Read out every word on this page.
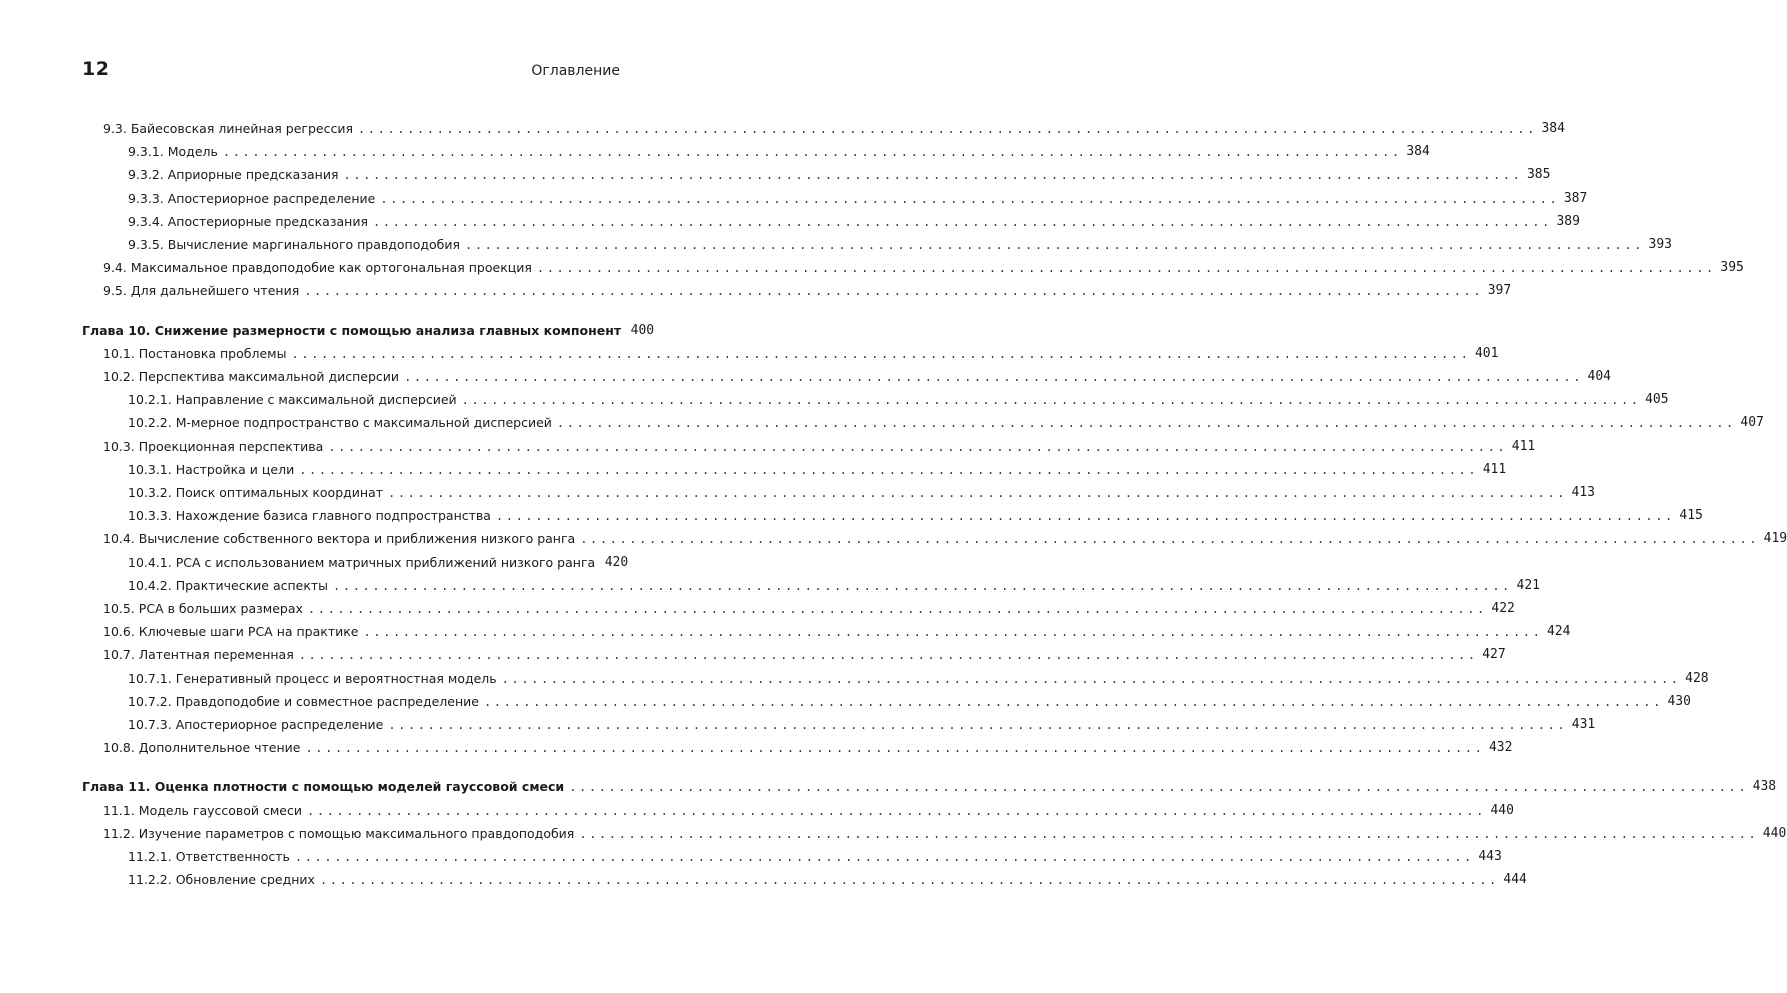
12	Оглавление
9.3. Байесовская линейная регрессия ........................................................................................................................ 384
9.3.1. Модель ........................................................................................................................ 384
9.3.2. Априорные предсказания ........................................................................................................................ 385
9.3.3. Апостериорное распределение ........................................................................................................................ 387
9.3.4. Апостериорные предсказания ........................................................................................................................ 389
9.3.5. Вычисление маргинального правдоподобия ........................................................................................................................ 393
9.4. Максимальное правдоподобие как ортогональная проекция ........................................................................................................................ 395
9.5. Для дальнейшего чтения ........................................................................................................................ 397
Глава 10. Снижение размерности с помощью анализа главных компонент 400
10.1. Постановка проблемы ........................................................................................................................ 401
10.2. Перспектива максимальной дисперсии ........................................................................................................................ 404
10.2.1. Направление с максимальной дисперсией ........................................................................................................................ 405
10.2.2. М-мерное подпространство с максимальной дисперсией ........................................................................................................................ 407
10.3. Проекционная перспектива ........................................................................................................................ 411
10.3.1. Настройка и цели ........................................................................................................................ 411
10.3.2. Поиск оптимальных координат ........................................................................................................................ 413
10.3.3. Нахождение базиса главного подпространства ........................................................................................................................ 415
10.4. Вычисление собственного вектора и приближения низкого ранга ........................................................................................................................ 419
10.4.1. PCA с использованием матричных приближений низкого ранга 420
10.4.2. Практические аспекты ........................................................................................................................ 421
10.5. PCA в больших размерах ........................................................................................................................ 422
10.6. Ключевые шаги PCA на практике ........................................................................................................................ 424
10.7. Латентная переменная ........................................................................................................................ 427
10.7.1. Генеративный процесс и вероятностная модель ........................................................................................................................ 428
10.7.2. Правдоподобие и совместное распределение ........................................................................................................................ 430
10.7.3. Апостериорное распределение ........................................................................................................................ 431
10.8. Дополнительное чтение ........................................................................................................................ 432
Глава 11. Оценка плотности с помощью моделей гауссовой смеси ........................................................................................................................ 438
11.1. Модель гауссовой смеси ........................................................................................................................ 440
11.2. Изучение параметров с помощью максимального правдоподобия ........................................................................................................................ 440
11.2.1. Ответственность ........................................................................................................................ 443
11.2.2. Обновление средних ........................................................................................................................ 444
